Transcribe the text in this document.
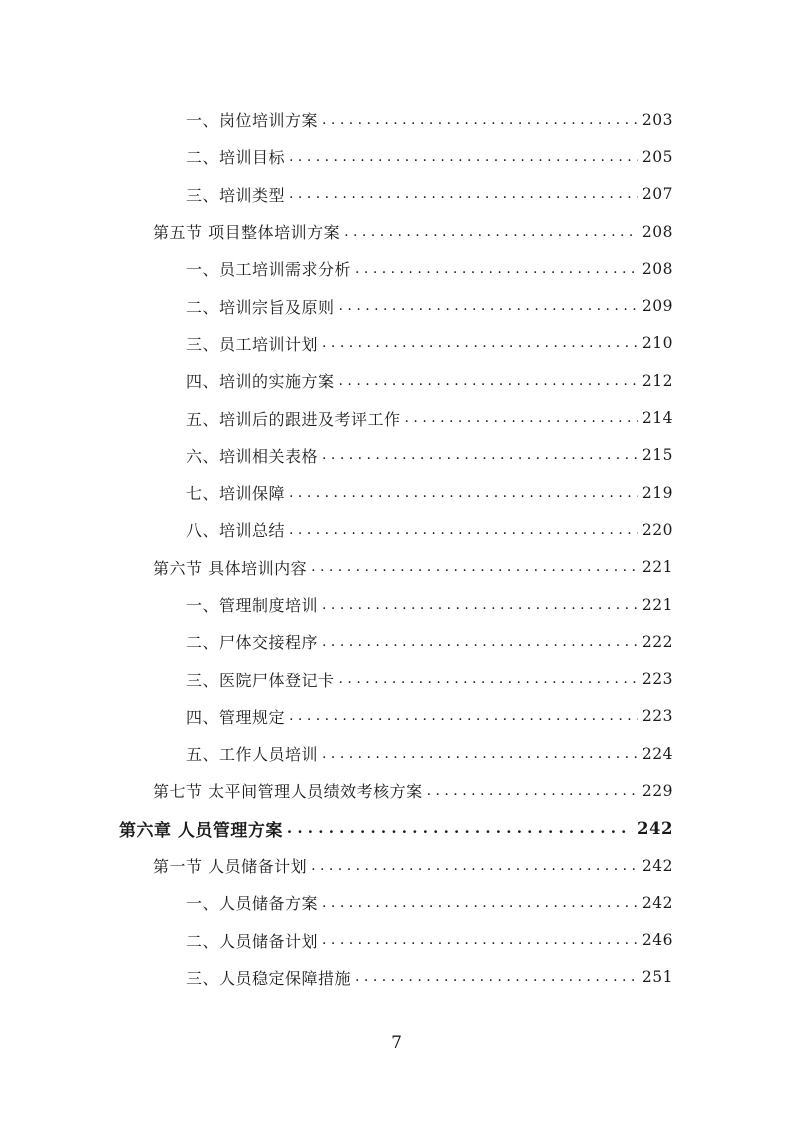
一、岗位培训方案 . . .	203
二、培训目标 . . .	205
三、培训类型 . . .	207
第五节 项目整体培训方案 . . .	208
一、员工培训需求分析 . . .	208
二、培训宗旨及原则 . . .	209
三、员工培训计划 . . .	210
四、培训的实施方案 . . .	212
五、培训后的跟进及考评工作 . . .	214
六、培训相关表格 . . .	215
七、培训保障 . . .	219
八、培训总结 . . .	220
第六节 具体培训内容 . . .	221
一、管理制度培训 . . .	221
二、尸体交接程序 . . .	222
三、医院尸体登记卡 . . .	223
四、管理规定 . . .	223
五、工作人员培训 . . .	224
第七节 太平间管理人员绩效考核方案 . . .	229
第六章 人员管理方案 . . .	242
第一节 人员储备计划 . . .	242
一、人员储备方案 . . .	242
二、人员储备计划 . . .	246
三、人员稳定保障措施 . . .	251
7
